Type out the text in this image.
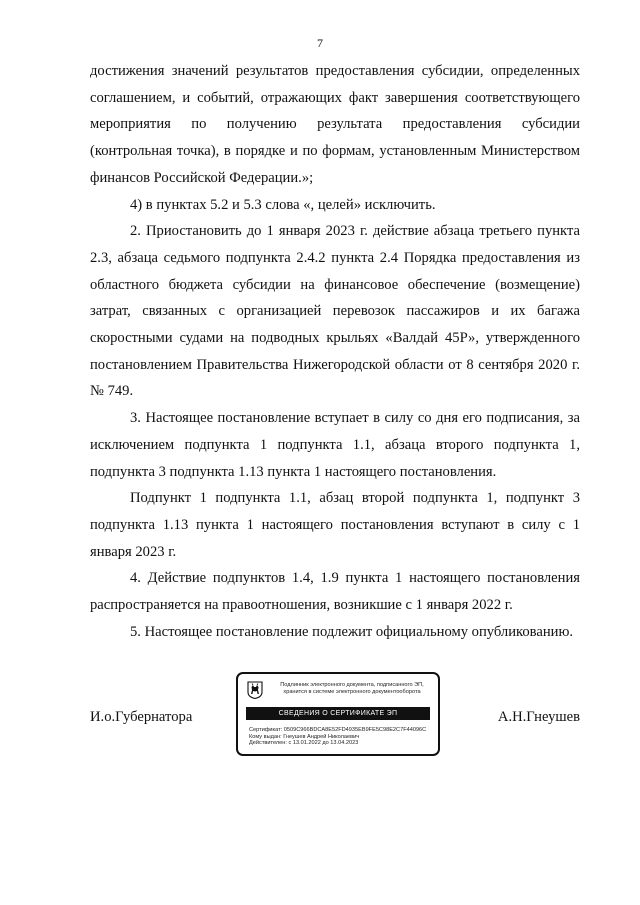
7

достижения значений результатов предоставления субсидии, определенных соглашением, и событий, отражающих факт завершения соответствующего мероприятия по получению результата предоставления субсидии (контрольная точка), в порядке и по формам, установленным Министерством финансов Российской Федерации.»;

4) в пунктах 5.2 и 5.3 слова «, целей» исключить.

2. Приостановить до 1 января 2023 г. действие абзаца третьего пункта 2.3, абзаца седьмого подпункта 2.4.2 пункта 2.4 Порядка предоставления из областного бюджета субсидии на финансовое обеспечение (возмещение) затрат, связанных с организацией перевозок пассажиров и их багажа скоростными судами на подводных крыльях «Валдай 45Р», утвержденного постановлением Правительства Нижегородской области от 8 сентября 2020 г. № 749.

3. Настоящее постановление вступает в силу со дня его подписания, за исключением подпункта 1 подпункта 1.1, абзаца второго подпункта 1, подпункта 3 подпункта 1.13 пункта 1 настоящего постановления.

Подпункт 1 подпункта 1.1, абзац второй подпункта 1, подпункт 3 подпункта 1.13 пункта 1 настоящего постановления вступают в силу с 1 января 2023 г.

4. Действие подпунктов 1.4, 1.9 пункта 1 настоящего постановления распространяется на правоотношения, возникшие с 1 января 2022 г.

5. Настоящее постановление подлежит официальному опубликованию.

И.о.Губернатора	А.Н.Гнеушев
Подлинник электронного документа, подписанного ЭП,
хранится в системе электронного документооборота
СВЕДЕНИЯ О СЕРТИФИКАТЕ ЭП
Сертификат: 0509C966BDCA8E52FD4935EB9FE5C98E2C7F44096C
Кому выдан: Гнеушев Андрей Николаевич
Действителен: с 13.01.2022 до 13.04.2023
